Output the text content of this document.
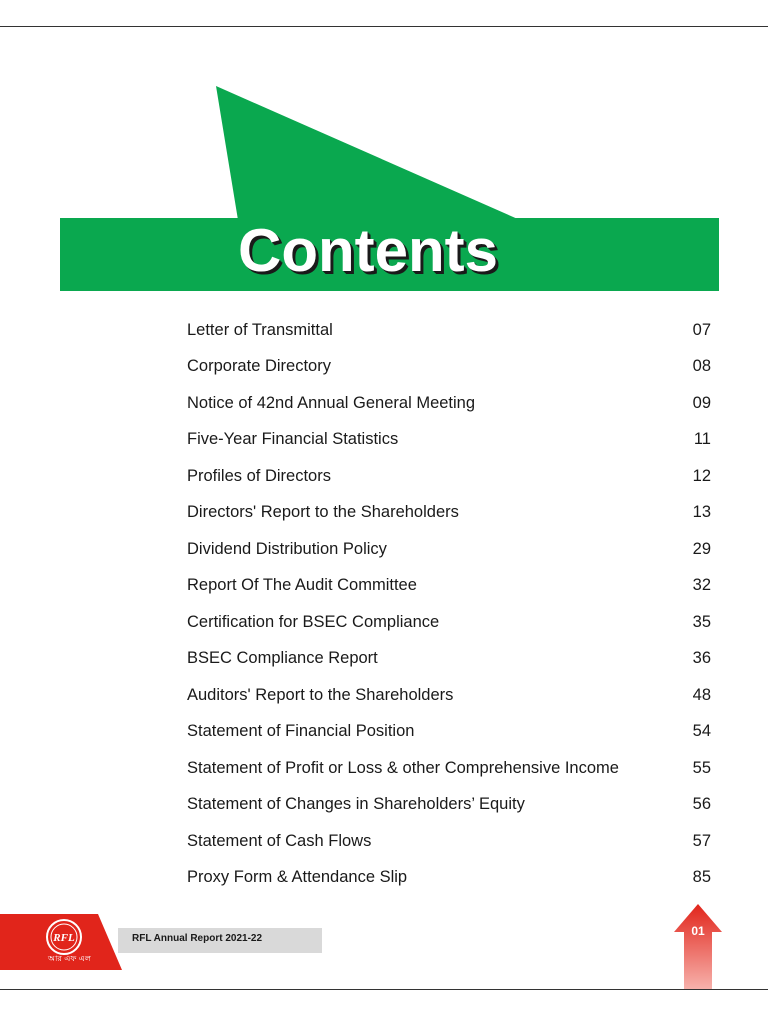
Contents
Letter of Transmittal	07
Corporate Directory	08
Notice of 42nd Annual General Meeting	09
Five-Year Financial Statistics	11
Profiles of Directors	12
Directors' Report to the Shareholders	13
Dividend Distribution Policy	29
Report Of The Audit Committee	32
Certification for BSEC Compliance	35
BSEC Compliance Report	36
Auditors' Report to the Shareholders	48
Statement of Financial Position	54
Statement of Profit or Loss & other Comprehensive Income	55
Statement of Changes in Shareholders’ Equity	56
Statement of Cash Flows	57
Proxy Form & Attendance Slip	85
RFL
আর এফ এল
RFL Annual Report 2021-22
01
